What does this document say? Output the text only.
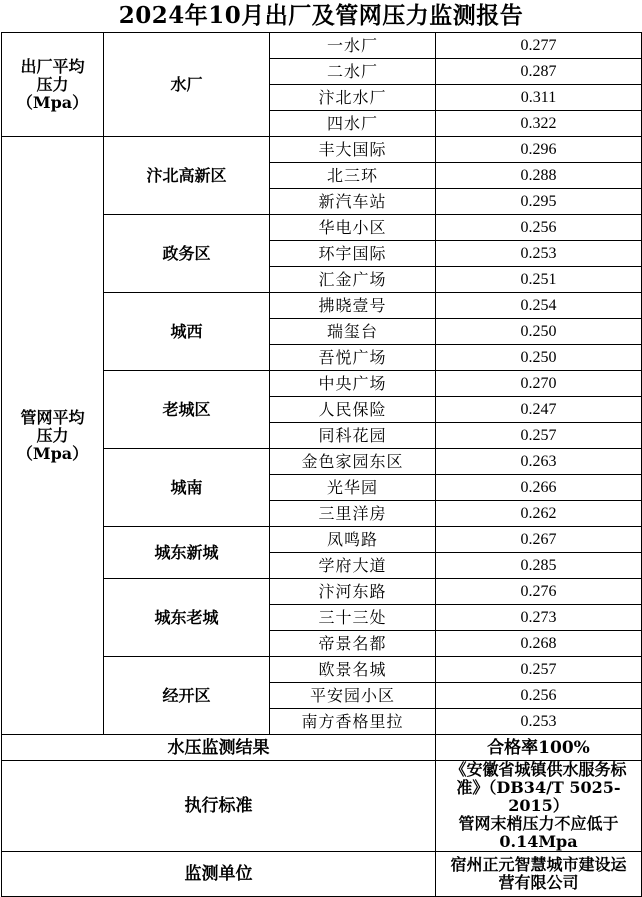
2024年10月出厂及管网压力监测报告
出厂平均
压力
（Mpa）	水厂	一水厂	0.277
		二水厂	0.287
		汴北水厂	0.311
		四水厂	0.322

管网平均
压力
（Mpa）	汴北高新区	丰大国际	0.296
		北三环	0.288
		新汽车站	0.295
	政务区	华电小区	0.256
		环宇国际	0.253
		汇金广场	0.251
	城西	拂晓壹号	0.254
		瑞玺台	0.250
		吾悦广场	0.250
	老城区	中央广场	0.270
		人民保险	0.247
		同科花园	0.257
	城南	金色家园东区	0.263
		光华园	0.266
		三里洋房	0.262
	城东新城	凤鸣路	0.267
		学府大道	0.285
	城东老城	汴河东路	0.276
		三十三处	0.273
		帝景名都	0.268
	经开区	欧景名城	0.257
		平安园小区	0.256
		南方香格里拉	0.253
水压监测结果			合格率100%
执行标准			《安徽省城镇供水服务标
准》（DB34/T 5025-2015）
管网末梢压力不应低于
0.14Mpa

监测单位			宿州正元智慧城市建设运
营有限公司
